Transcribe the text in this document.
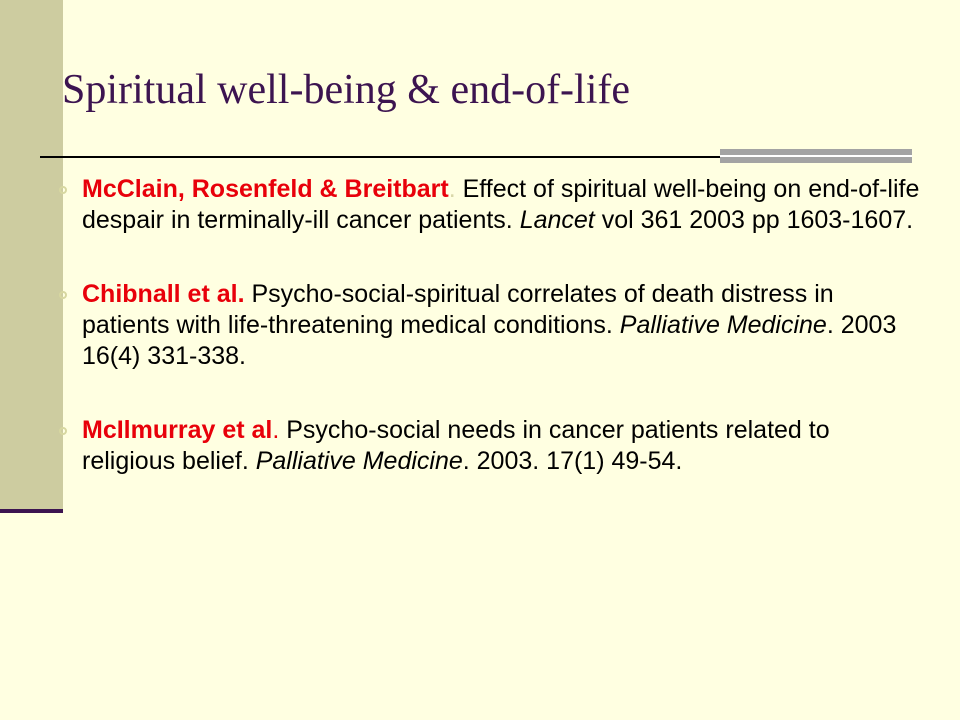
Spiritual well-being & end-of-life
McClain, Rosenfeld & Breitbart. Effect of spiritual well-being on end-of-life despair in terminally-ill cancer patients. Lancet vol 361 2003 pp 1603-1607.
Chibnall et al. Psycho-social-spiritual correlates of death distress in patients with life-threatening medical conditions. Palliative Medicine. 2003 16(4) 331-338.
McIlmurray et al. Psycho-social needs in cancer patients related to religious belief. Palliative Medicine. 2003. 17(1) 49-54.
